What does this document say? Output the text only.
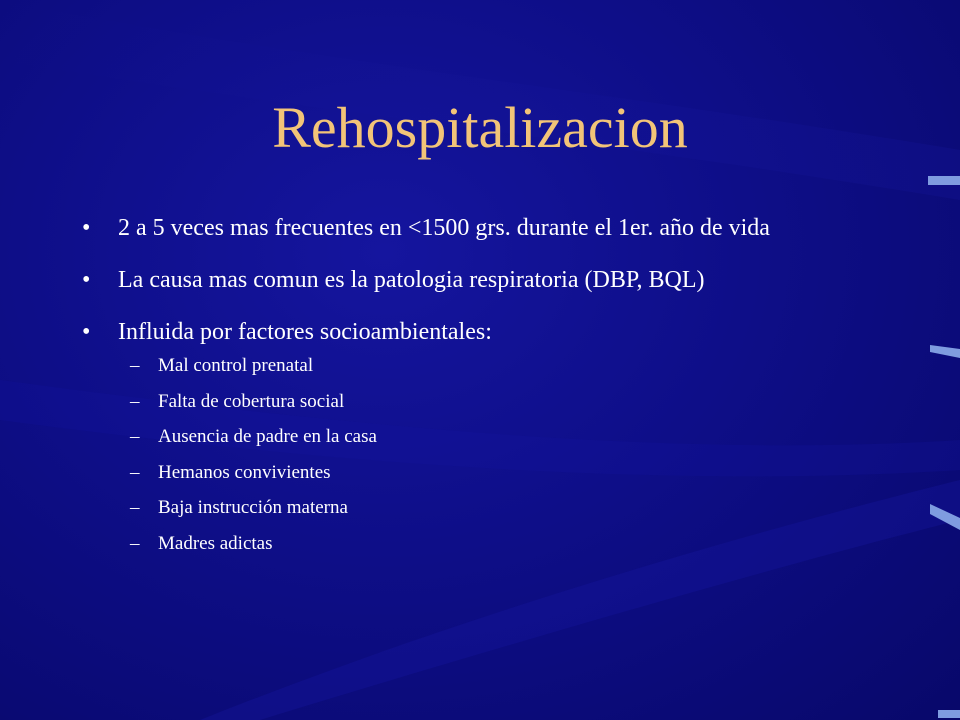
Rehospitalizacion
• 2 a 5 veces mas frecuentes en <1500 grs. durante el 1er. año de vida
• La causa mas comun es la patologia respiratoria (DBP, BQL)
• Influida por factores socioambientales:
– Mal control prenatal
– Falta de cobertura social
– Ausencia de padre en la casa
– Hemanos convivientes
– Baja instrucción materna
– Madres adictas
